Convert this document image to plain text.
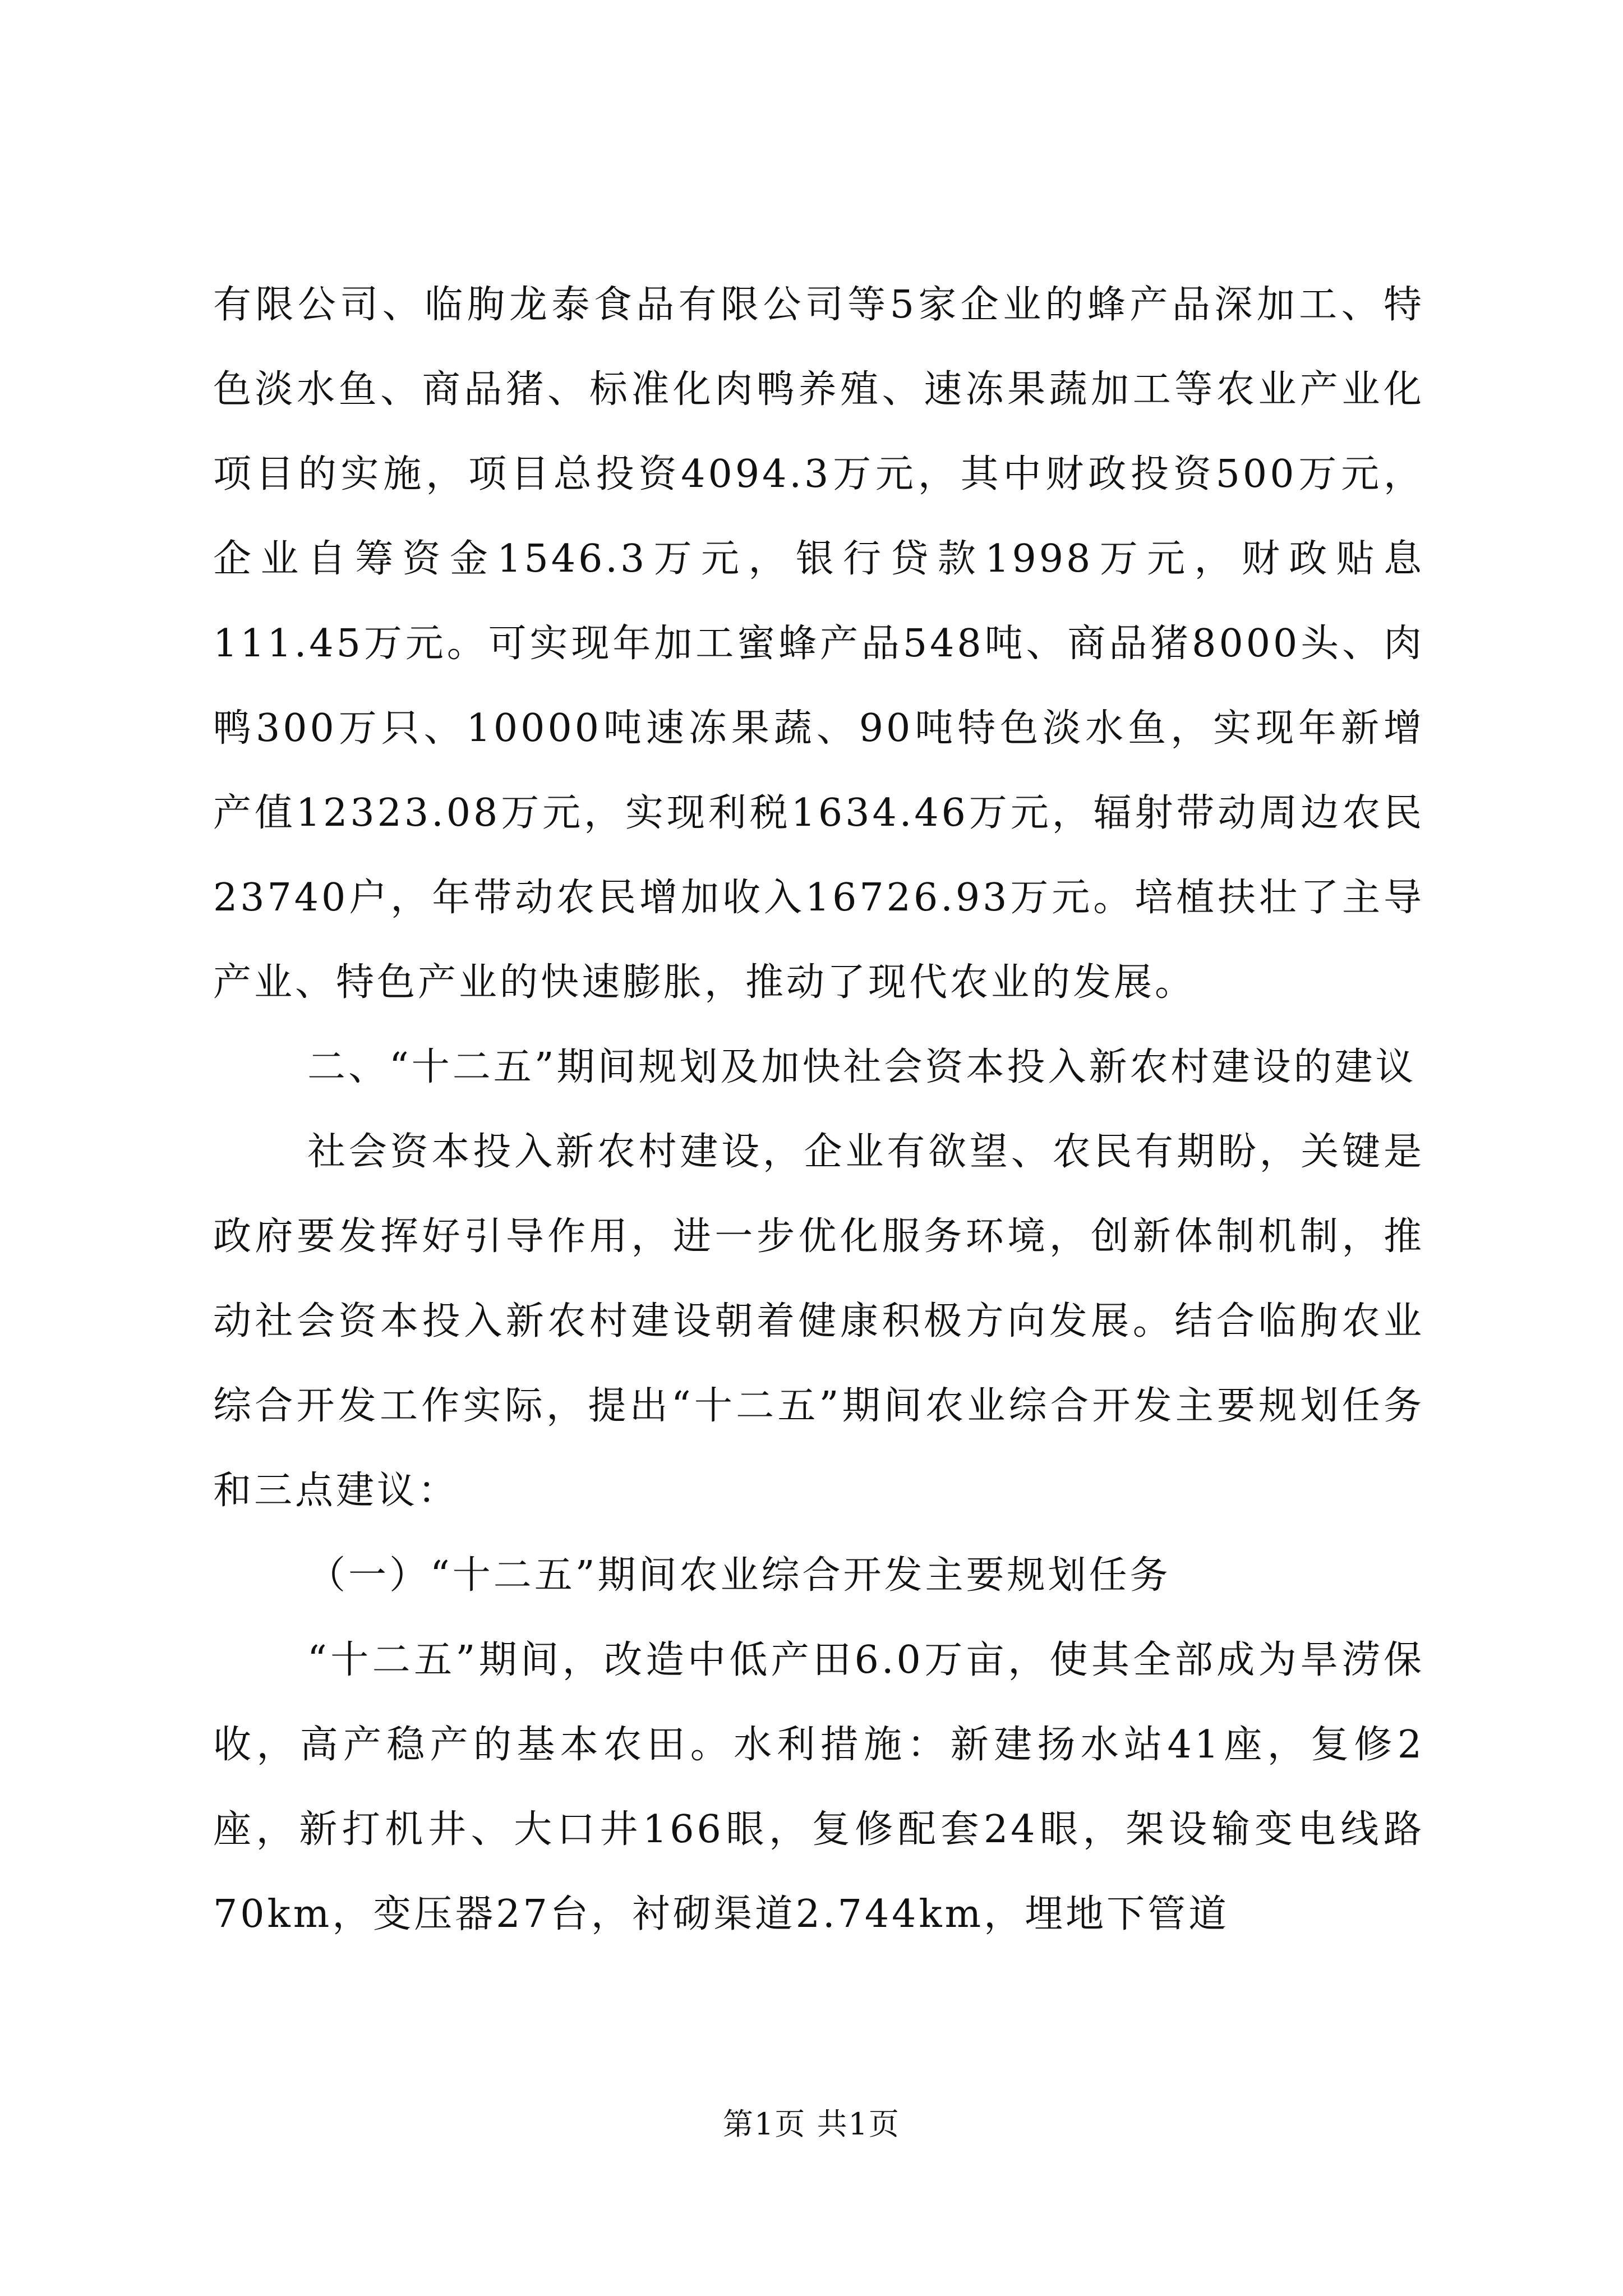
有限公司、临朐龙泰食品有限公司等5家企业的蜂产品深加工、特色淡水鱼、商品猪、标准化肉鸭养殖、速冻果蔬加工等农业产业化项目的实施，项目总投资4094.3万元，其中财政投资500万元，企业自筹资金1546.3万元，银行贷款1998万元，财政贴息111.45万元。可实现年加工蜜蜂产品548吨、商品猪8000头、肉鸭300万只、10000吨速冻果蔬、90吨特色淡水鱼，实现年新增产值12323.08万元，实现利税1634.46万元，辐射带动周边农民23740户，年带动农民增加收入16726.93万元。培植扶壮了主导产业、特色产业的快速膨胀，推动了现代农业的发展。

二、“十二五”期间规划及加快社会资本投入新农村建设的建议

社会资本投入新农村建设，企业有欲望、农民有期盼，关键是政府要发挥好引导作用，进一步优化服务环境，创新体制机制，推动社会资本投入新农村建设朝着健康积极方向发展。结合临朐农业综合开发工作实际，提出“十二五”期间农业综合开发主要规划任务和三点建议：

（一）“十二五”期间农业综合开发主要规划任务

“十二五”期间，改造中低产田6.0万亩，使其全部成为旱涝保收，高产稳产的基本农田。水利措施：新建扬水站41座，复修2座，新打机井、大口井166眼，复修配套24眼，架设输变电线路70km，变压器27台，衬砌渠道2.744km，埋地下管道

第1页 共1页
